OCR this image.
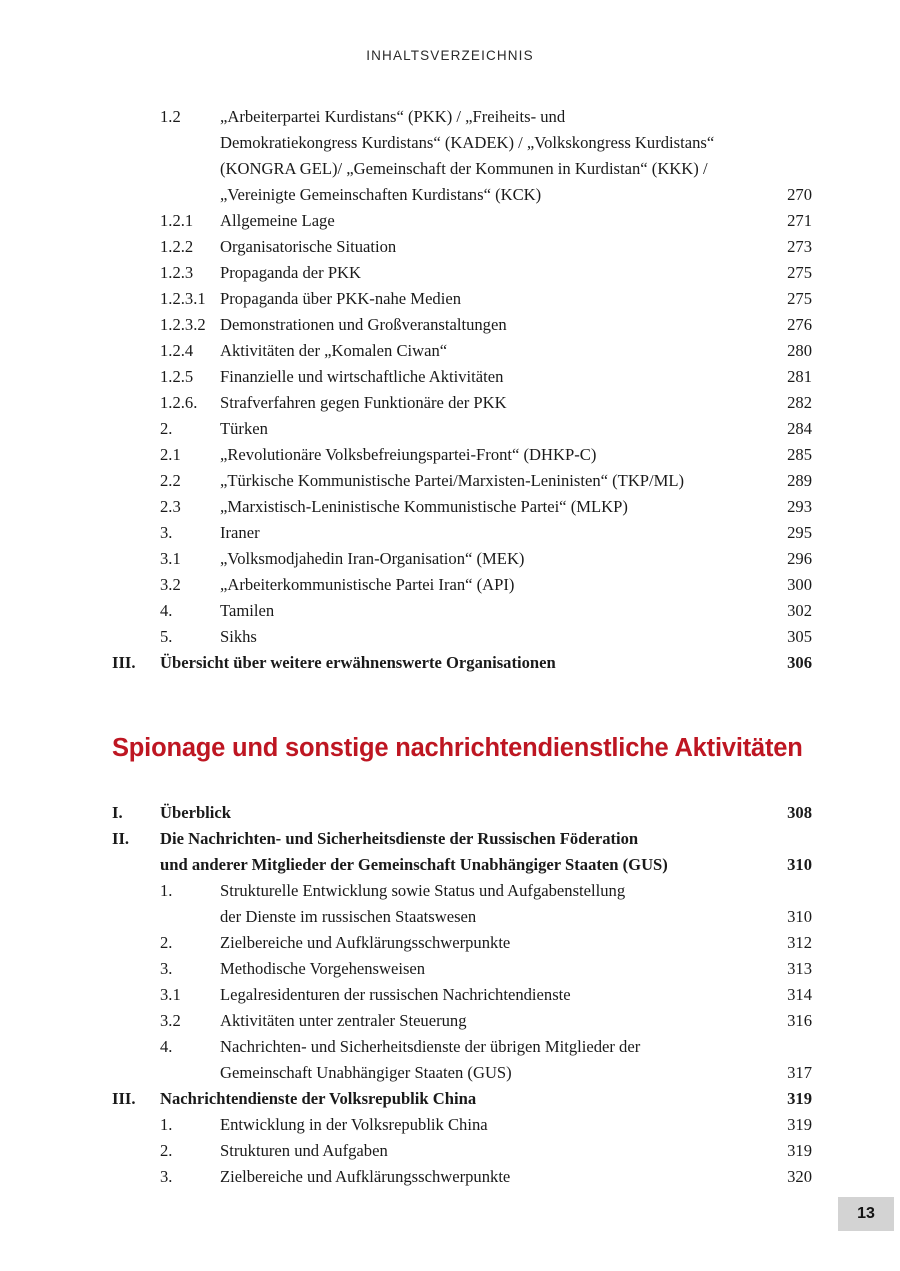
INHALTSVERZEICHNIS
1.2	„Arbeiterpartei Kurdistans“ (PKK) / „Freiheits- und
Demokratiekongress Kurdistans“ (KADEK) / „Volkskongress Kurdistans“
(KONGRA GEL)/ „Gemeinschaft der Kommunen in Kurdistan“ (KKK) /
„Vereinigte Gemeinschaften Kurdistans“ (KCK)	270
1.2.1	Allgemeine Lage	271
1.2.2	Organisatorische Situation	273
1.2.3	Propaganda der PKK	275
1.2.3.1 Propaganda über PKK-nahe Medien	275
1.2.3.2 Demonstrationen und Großveranstaltungen	276
1.2.4	Aktivitäten der „Komalen Ciwan“	280
1.2.5	Finanzielle und wirtschaftliche Aktivitäten	281
1.2.6.	Strafverfahren gegen Funktionäre der PKK	282
2.	Türken	284
2.1	„Revolutionäre Volksbefreiungspartei-Front“ (DHKP-C)	285
2.2	„Türkische Kommunistische Partei/Marxisten-Leninisten“ (TKP/ML)	289
2.3	„Marxistisch-Leninistische Kommunistische Partei“ (MLKP)	293
3.	Iraner	295
3.1	„Volksmodjahedin Iran-Organisation“ (MEK)	296
3.2	„Arbeiterkommunistische Partei Iran“ (API)	300
4.	Tamilen	302
5.	Sikhs	305
III.	Übersicht über weitere erwähnenswerte Organisationen	306
Spionage und sonstige nachrichtendienstliche Aktivitäten
I.	Überblick	308
II.	Die Nachrichten- und Sicherheitsdienste der Russischen Föderation
und anderer Mitglieder der Gemeinschaft Unabhängiger Staaten (GUS)	310
1.	Strukturelle Entwicklung sowie Status und Aufgabenstellung
der Dienste im russischen Staatswesen	310
2.	Zielbereiche und Aufklärungsschwerpunkte	312
3.	Methodische Vorgehensweisen	313
3.1	Legalresidenturen der russischen Nachrichtendienste	314
3.2	Aktivitäten unter zentraler Steuerung	316
4.	Nachrichten- und Sicherheitsdienste der übrigen Mitglieder der
Gemeinschaft Unabhängiger Staaten (GUS)	317
III.	Nachrichtendienste der Volksrepublik China	319
1.	Entwicklung in der Volksrepublik China	319
2.	Strukturen und Aufgaben	319
3.	Zielbereiche und Aufklärungsschwerpunkte	320
13
